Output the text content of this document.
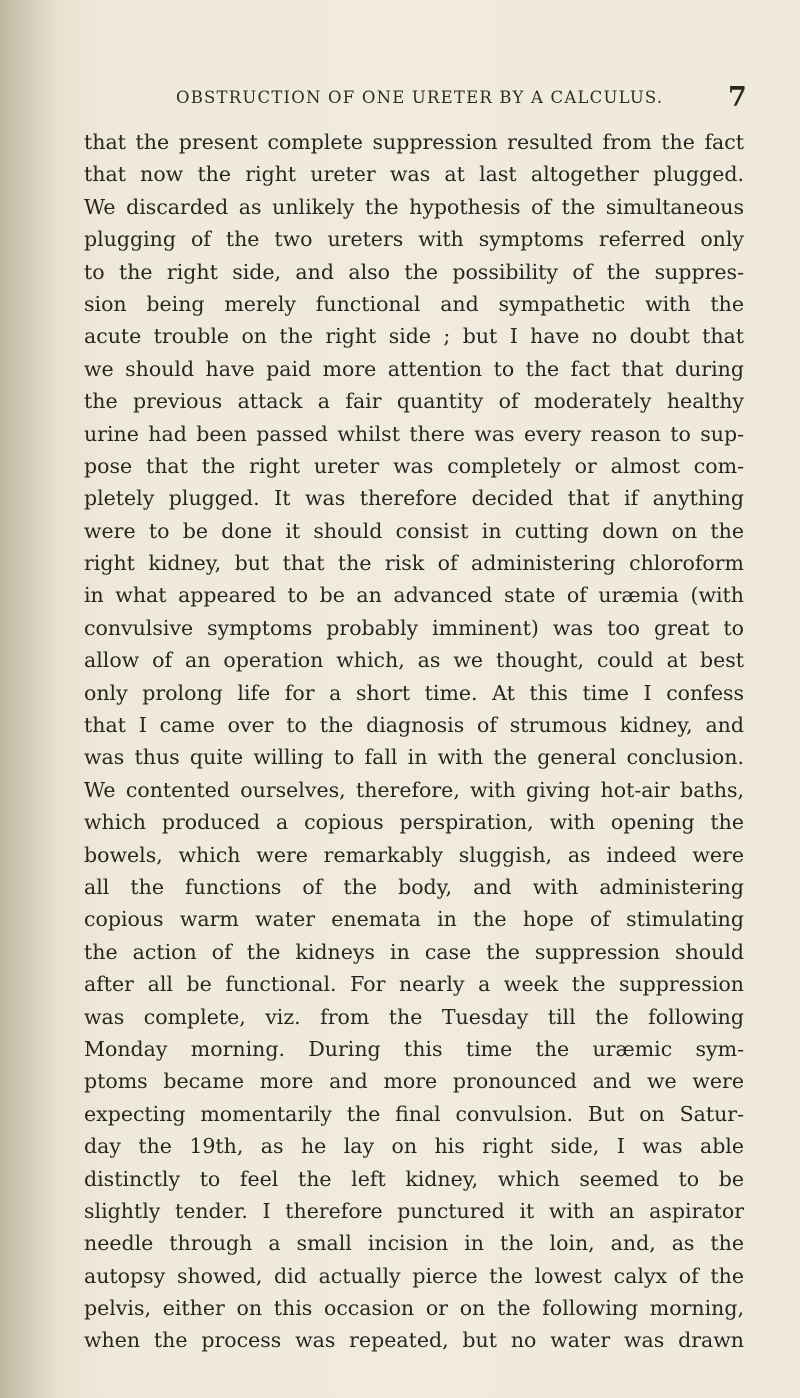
OBSTRUCTION OF ONE URETER BY A CALCULUS. 7
that the present complete suppression resulted from the fact
that now the right ureter was at last altogether plugged.
We discarded as unlikely the hypothesis of the simultaneous
plugging of the two ureters with symptoms referred only
to the right side, and also the possibility of the suppres-
sion being merely functional and sympathetic with the
acute trouble on the right side ; but I have no doubt that
we should have paid more attention to the fact that during
the previous attack a fair quantity of moderately healthy
urine had been passed whilst there was every reason to sup-
pose that the right ureter was completely or almost com-
pletely plugged. It was therefore decided that if anything
were to be done it should consist in cutting down on the
right kidney, but that the risk of administering chloroform
in what appeared to be an advanced state of uræmia (with
convulsive symptoms probably imminent) was too great to
allow of an operation which, as we thought, could at best
only prolong life for a short time. At this time I confess
that I came over to the diagnosis of strumous kidney, and
was thus quite willing to fall in with the general conclusion.
We contented ourselves, therefore, with giving hot-air baths,
which produced a copious perspiration, with opening the
bowels, which were remarkably sluggish, as indeed were
all the functions of the body, and with administering
copious warm water enemata in the hope of stimulating
the action of the kidneys in case the suppression should
after all be functional. For nearly a week the suppression
was complete, viz. from the Tuesday till the following
Monday morning. During this time the uræmic sym-
ptoms became more and more pronounced and we were
expecting momentarily the final convulsion. But on Satur-
day the 19th, as he lay on his right side, I was able
distinctly to feel the left kidney, which seemed to be
slightly tender. I therefore punctured it with an aspirator
needle through a small incision in the loin, and, as the
autopsy showed, did actually pierce the lowest calyx of the
pelvis, either on this occasion or on the following morning,
when the process was repeated, but no water was drawn
